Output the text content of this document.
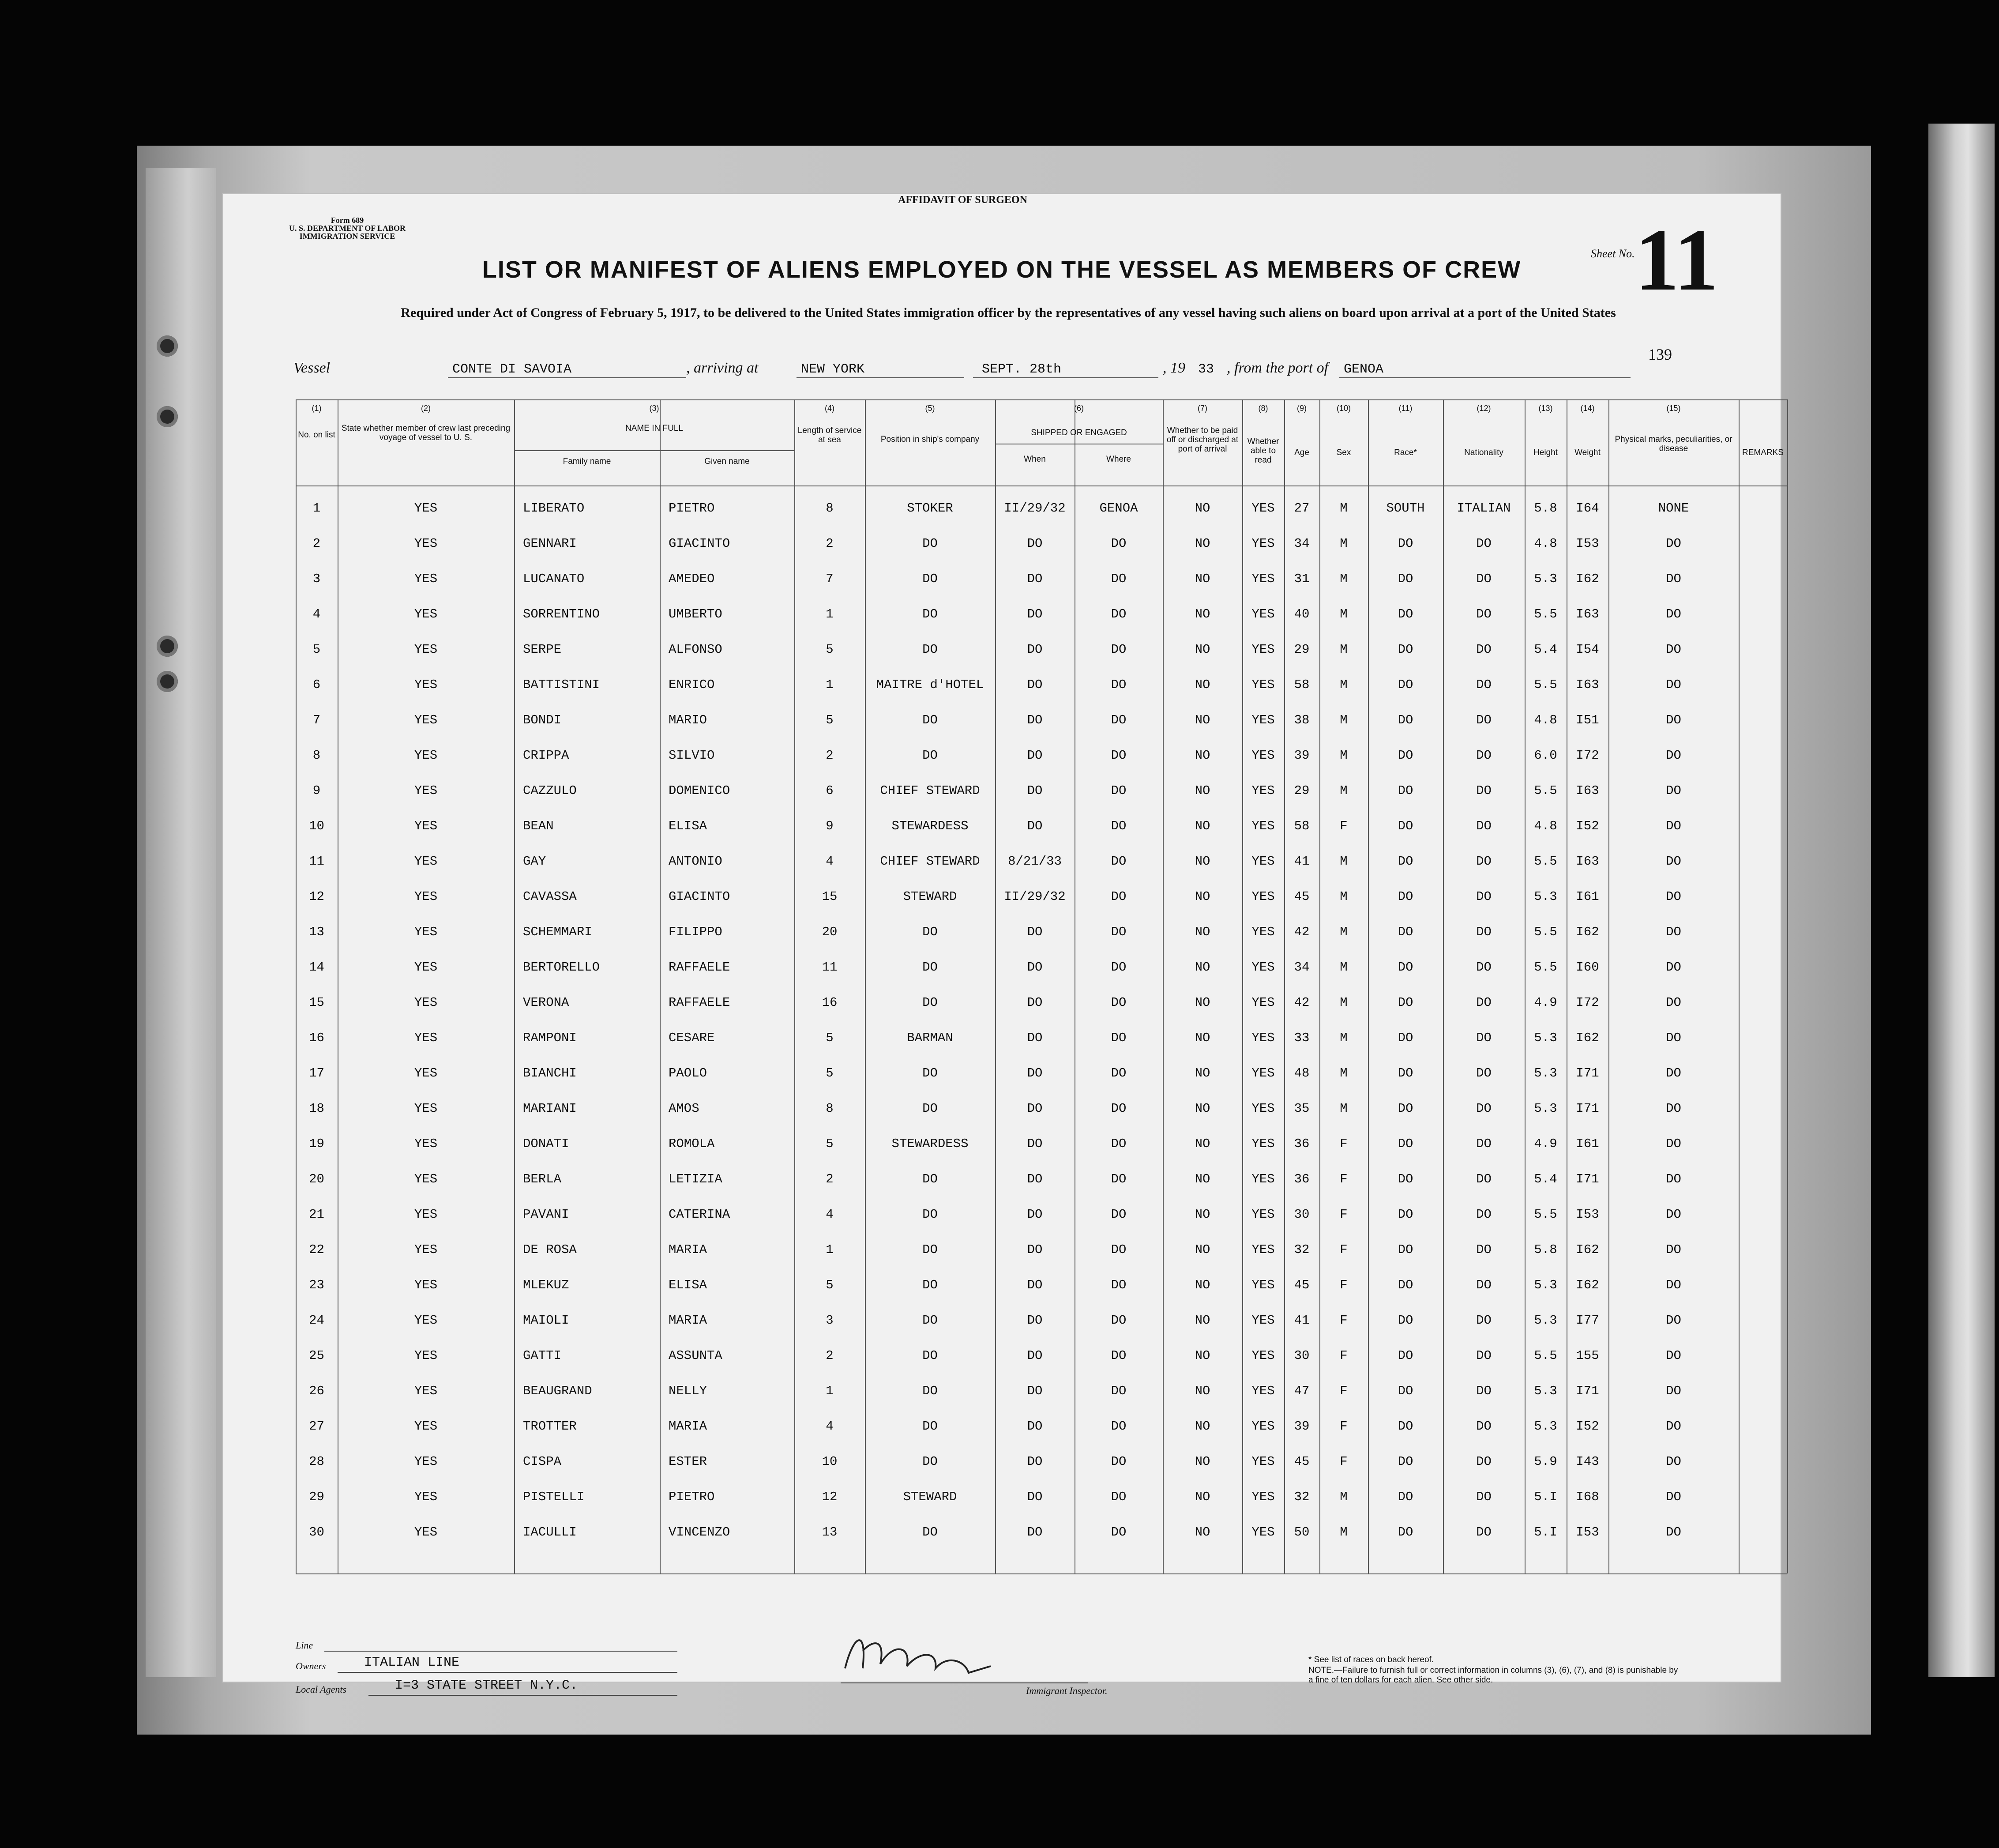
AFFIDAVIT OF SURGEON
Form 689
U. S. DEPARTMENT OF LABOR
IMMIGRATION SERVICE
LIST OR MANIFEST OF ALIENS EMPLOYED ON THE VESSEL AS MEMBERS OF CREW
Required under Act of Congress of February 5, 1917, to be delivered to the United States immigration officer by the representatives of any vessel having such aliens on board upon arrival at a port of the United States
Sheet No. 11
139
Vessel	CONTE DI SAVOIA	, arriving at	NEW YORK	SEPT. 28th	, 19 33 , from the port of GENOA
(1)	(2)	(3)	(4)	(5)	(6)	(7)	(8)	(9)	(10)	(11)	(12)	(13)	(14)	(15)
No. on list
State whether member of crew last preceding voyage of vessel to U. S.
NAME IN FULL
Family name	Given name
Length of service at sea	Position in ship's company
SHIPPED OR ENGAGED
When	Where
Whether to be paid off or discharged at port of arrival
Whether able to read
Age	Sex	Race*	Nationality	Height	Weight
Physical marks, peculiarities, or disease	REMARKS
1	YES	LIBERATO	PIETRO	8	STOKER	II/29/32	GENOA	NO	YES	27	M	SOUTH	ITALIAN	5.8	I64	NONE
2	YES	GENNARI	GIACINTO	2	DO	DO	DO	NO	YES	34	M	DO	DO	4.8	I53	DO
3	YES	LUCANATO	AMEDEO	7	DO	DO	DO	NO	YES	31	M	DO	DO	5.3	I62	DO
4	YES	SORRENTINO	UMBERTO	1	DO	DO	DO	NO	YES	40	M	DO	DO	5.5	I63	DO
5	YES	SERPE	ALFONSO	5	DO	DO	DO	NO	YES	29	M	DO	DO	5.4	I54	DO
6	YES	BATTISTINI	ENRICO	1	MAITRE d'HOTEL	DO	DO	NO	YES	58	M	DO	DO	5.5	I63	DO
7	YES	BONDI	MARIO	5	DO	DO	DO	NO	YES	38	M	DO	DO	4.8	I51	DO
8	YES	CRIPPA	SILVIO	2	DO	DO	DO	NO	YES	39	M	DO	DO	6.0	I72	DO
9	YES	CAZZULO	DOMENICO	6	CHIEF STEWARD	DO	DO	NO	YES	29	M	DO	DO	5.5	I63	DO
10	YES	BEAN	ELISA	9	STEWARDESS	DO	DO	NO	YES	58	F	DO	DO	4.8	I52	DO
11	YES	GAY	ANTONIO	4	CHIEF STEWARD	8/21/33	DO	NO	YES	41	M	DO	DO	5.5	I63	DO
12	YES	CAVASSA	GIACINTO	15	STEWARD	II/29/32	DO	NO	YES	45	M	DO	DO	5.3	I61	DO
13	YES	SCHEMMARI	FILIPPO	20	DO	DO	DO	NO	YES	42	M	DO	DO	5.5	I62	DO
14	YES	BERTORELLO	RAFFAELE	11	DO	DO	DO	NO	YES	34	M	DO	DO	5.5	I60	DO
15	YES	VERONA	RAFFAELE	16	DO	DO	DO	NO	YES	42	M	DO	DO	4.9	I72	DO
16	YES	RAMPONI	CESARE	5	BARMAN	DO	DO	NO	YES	33	M	DO	DO	5.3	I62	DO
17	YES	BIANCHI	PAOLO	5	DO	DO	DO	NO	YES	48	M	DO	DO	5.3	I71	DO
18	YES	MARIANI	AMOS	8	DO	DO	DO	NO	YES	35	M	DO	DO	5.3	I71	DO
19	YES	DONATI	ROMOLA	5	STEWARDESS	DO	DO	NO	YES	36	F	DO	DO	4.9	I61	DO
20	YES	BERLA	LETIZIA	2	DO	DO	DO	NO	YES	36	F	DO	DO	5.4	I71	DO
21	YES	PAVANI	CATERINA	4	DO	DO	DO	NO	YES	30	F	DO	DO	5.5	I53	DO
22	YES	DE ROSA	MARIA	1	DO	DO	DO	NO	YES	32	F	DO	DO	5.8	I62	DO
23	YES	MLEKUZ	ELISA	5	DO	DO	DO	NO	YES	45	F	DO	DO	5.3	I62	DO
24	YES	MAIOLI	MARIA	3	DO	DO	DO	NO	YES	41	F	DO	DO	5.3	I77	DO
25	YES	GATTI	ASSUNTA	2	DO	DO	DO	NO	YES	30	F	DO	DO	5.5	155	DO
26	YES	BEAUGRAND	NELLY	1	DO	DO	DO	NO	YES	47	F	DO	DO	5.3	I71	DO
27	YES	TROTTER	MARIA	4	DO	DO	DO	NO	YES	39	F	DO	DO	5.3	I52	DO
28	YES	CISPA	ESTER	10	DO	DO	DO	NO	YES	45	F	DO	DO	5.9	I43	DO
29	YES	PISTELLI	PIETRO	12	STEWARD	DO	DO	NO	YES	32	M	DO	DO	5.I	I68	DO
30	YES	IACULLI	VINCENZO	13	DO	DO	DO	NO	YES	50	M	DO	DO	5.I	I53	DO
Line
Owners	ITALIAN LINE
Local Agents	I=3 STATE STREET N.Y.C.	Immigrant Inspector.
* See list of races on back hereof.
NOTE.—Failure to furnish full or correct information in columns (3), (6), (7), and (8) is punishable by a fine of ten dollars for each alien. See other side.
